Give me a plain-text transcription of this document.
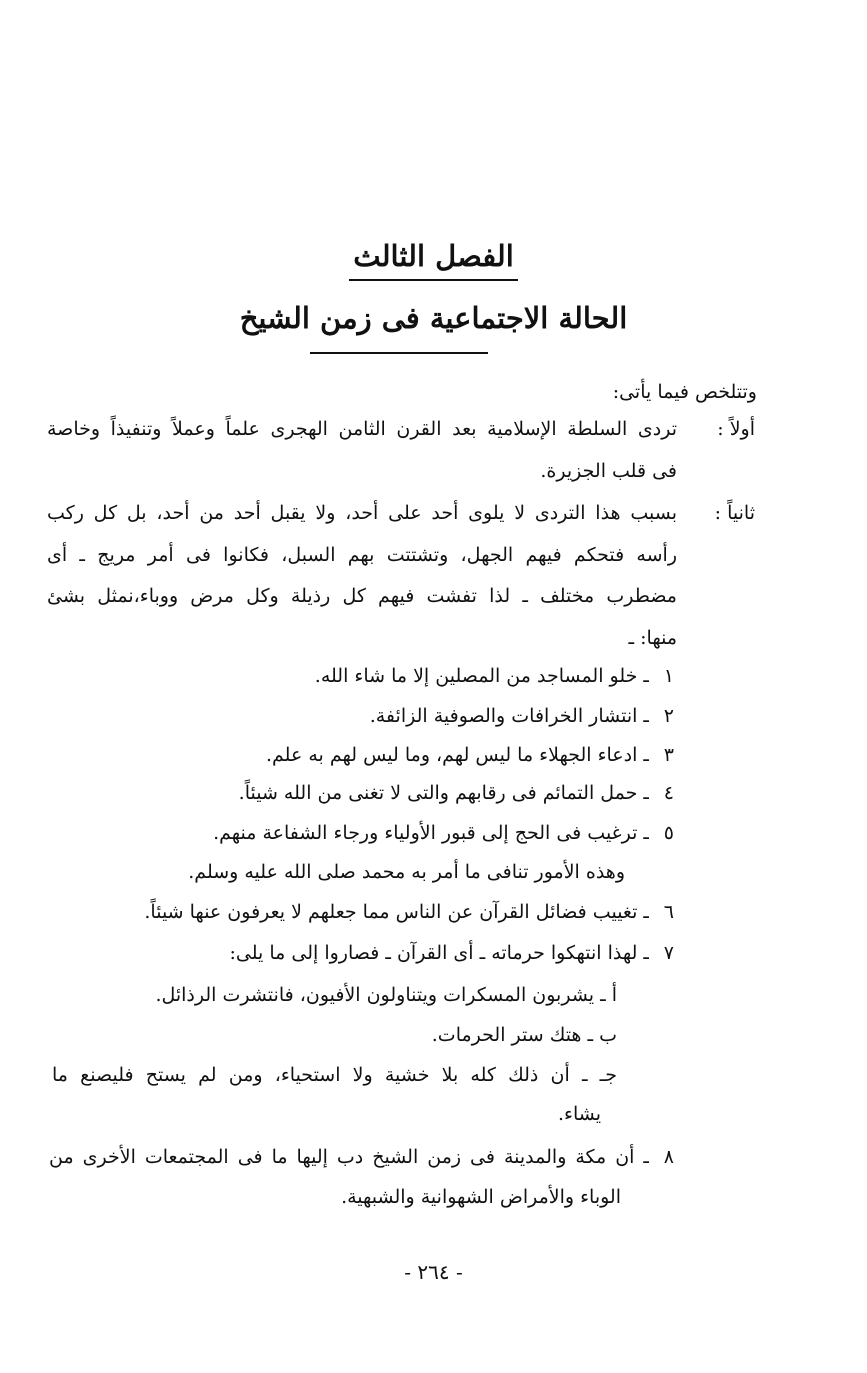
الفصل الثالث
الحالة الاجتماعية فى زمن الشيخ
وتتلخص فيما يأتى:
أولاً :
تردى السلطة الإسلامية بعد القرن الثامن الهجرى علماً وعملاً وتنفيذاً وخاصة
فى قلب الجزيرة.
ثانياً :
بسبب هذا التردى لا يلوى أحد على أحد، ولا يقبل أحد من أحد، بل كل ركب
رأسه فتحكم فيهم الجهل، وتشتتت بهم السبل، فكانوا فى أمر مريج ـ أى
مضطرب مختلف ـ لذا تفشت فيهم كل رذيلة وكل مرض ووباء،نمثل بشئ
منها: ـ
١
ـ خلو المساجد من المصلين إلا ما شاء الله.
٢
ـ انتشار الخرافات والصوفية الزائفة.
٣
ـ ادعاء الجهلاء ما ليس لهم، وما ليس لهم به علم.
٤
ـ حمل التمائم فى رقابهم والتى لا تغنى من الله شيئاً.
٥
ـ ترغيب فى الحج إلى قبور الأولياء ورجاء الشفاعة منهم.
وهذه الأمور تنافى ما أمر به محمد صلى الله عليه وسلم.
٦
ـ تغييب فضائل القرآن عن الناس مما جعلهم لا يعرفون عنها شيئاً.
٧
ـ لهذا انتهكوا حرماته ـ أى القرآن ـ فصاروا إلى ما يلى:
أ ـ يشربون المسكرات ويتناولون الأفيون، فانتشرت الرذائل.
ب ـ هتك ستر الحرمات.
جـ ـ أن ذلك كله بلا خشية ولا استحياء، ومن لم يستح فليصنع ما
يشاء.
٨
ـ أن مكة والمدينة فى زمن الشيخ دب إليها ما فى المجتمعات الأخرى من
الوباء والأمراض الشهوانية والشبهية.
- ٢٦٤ -
